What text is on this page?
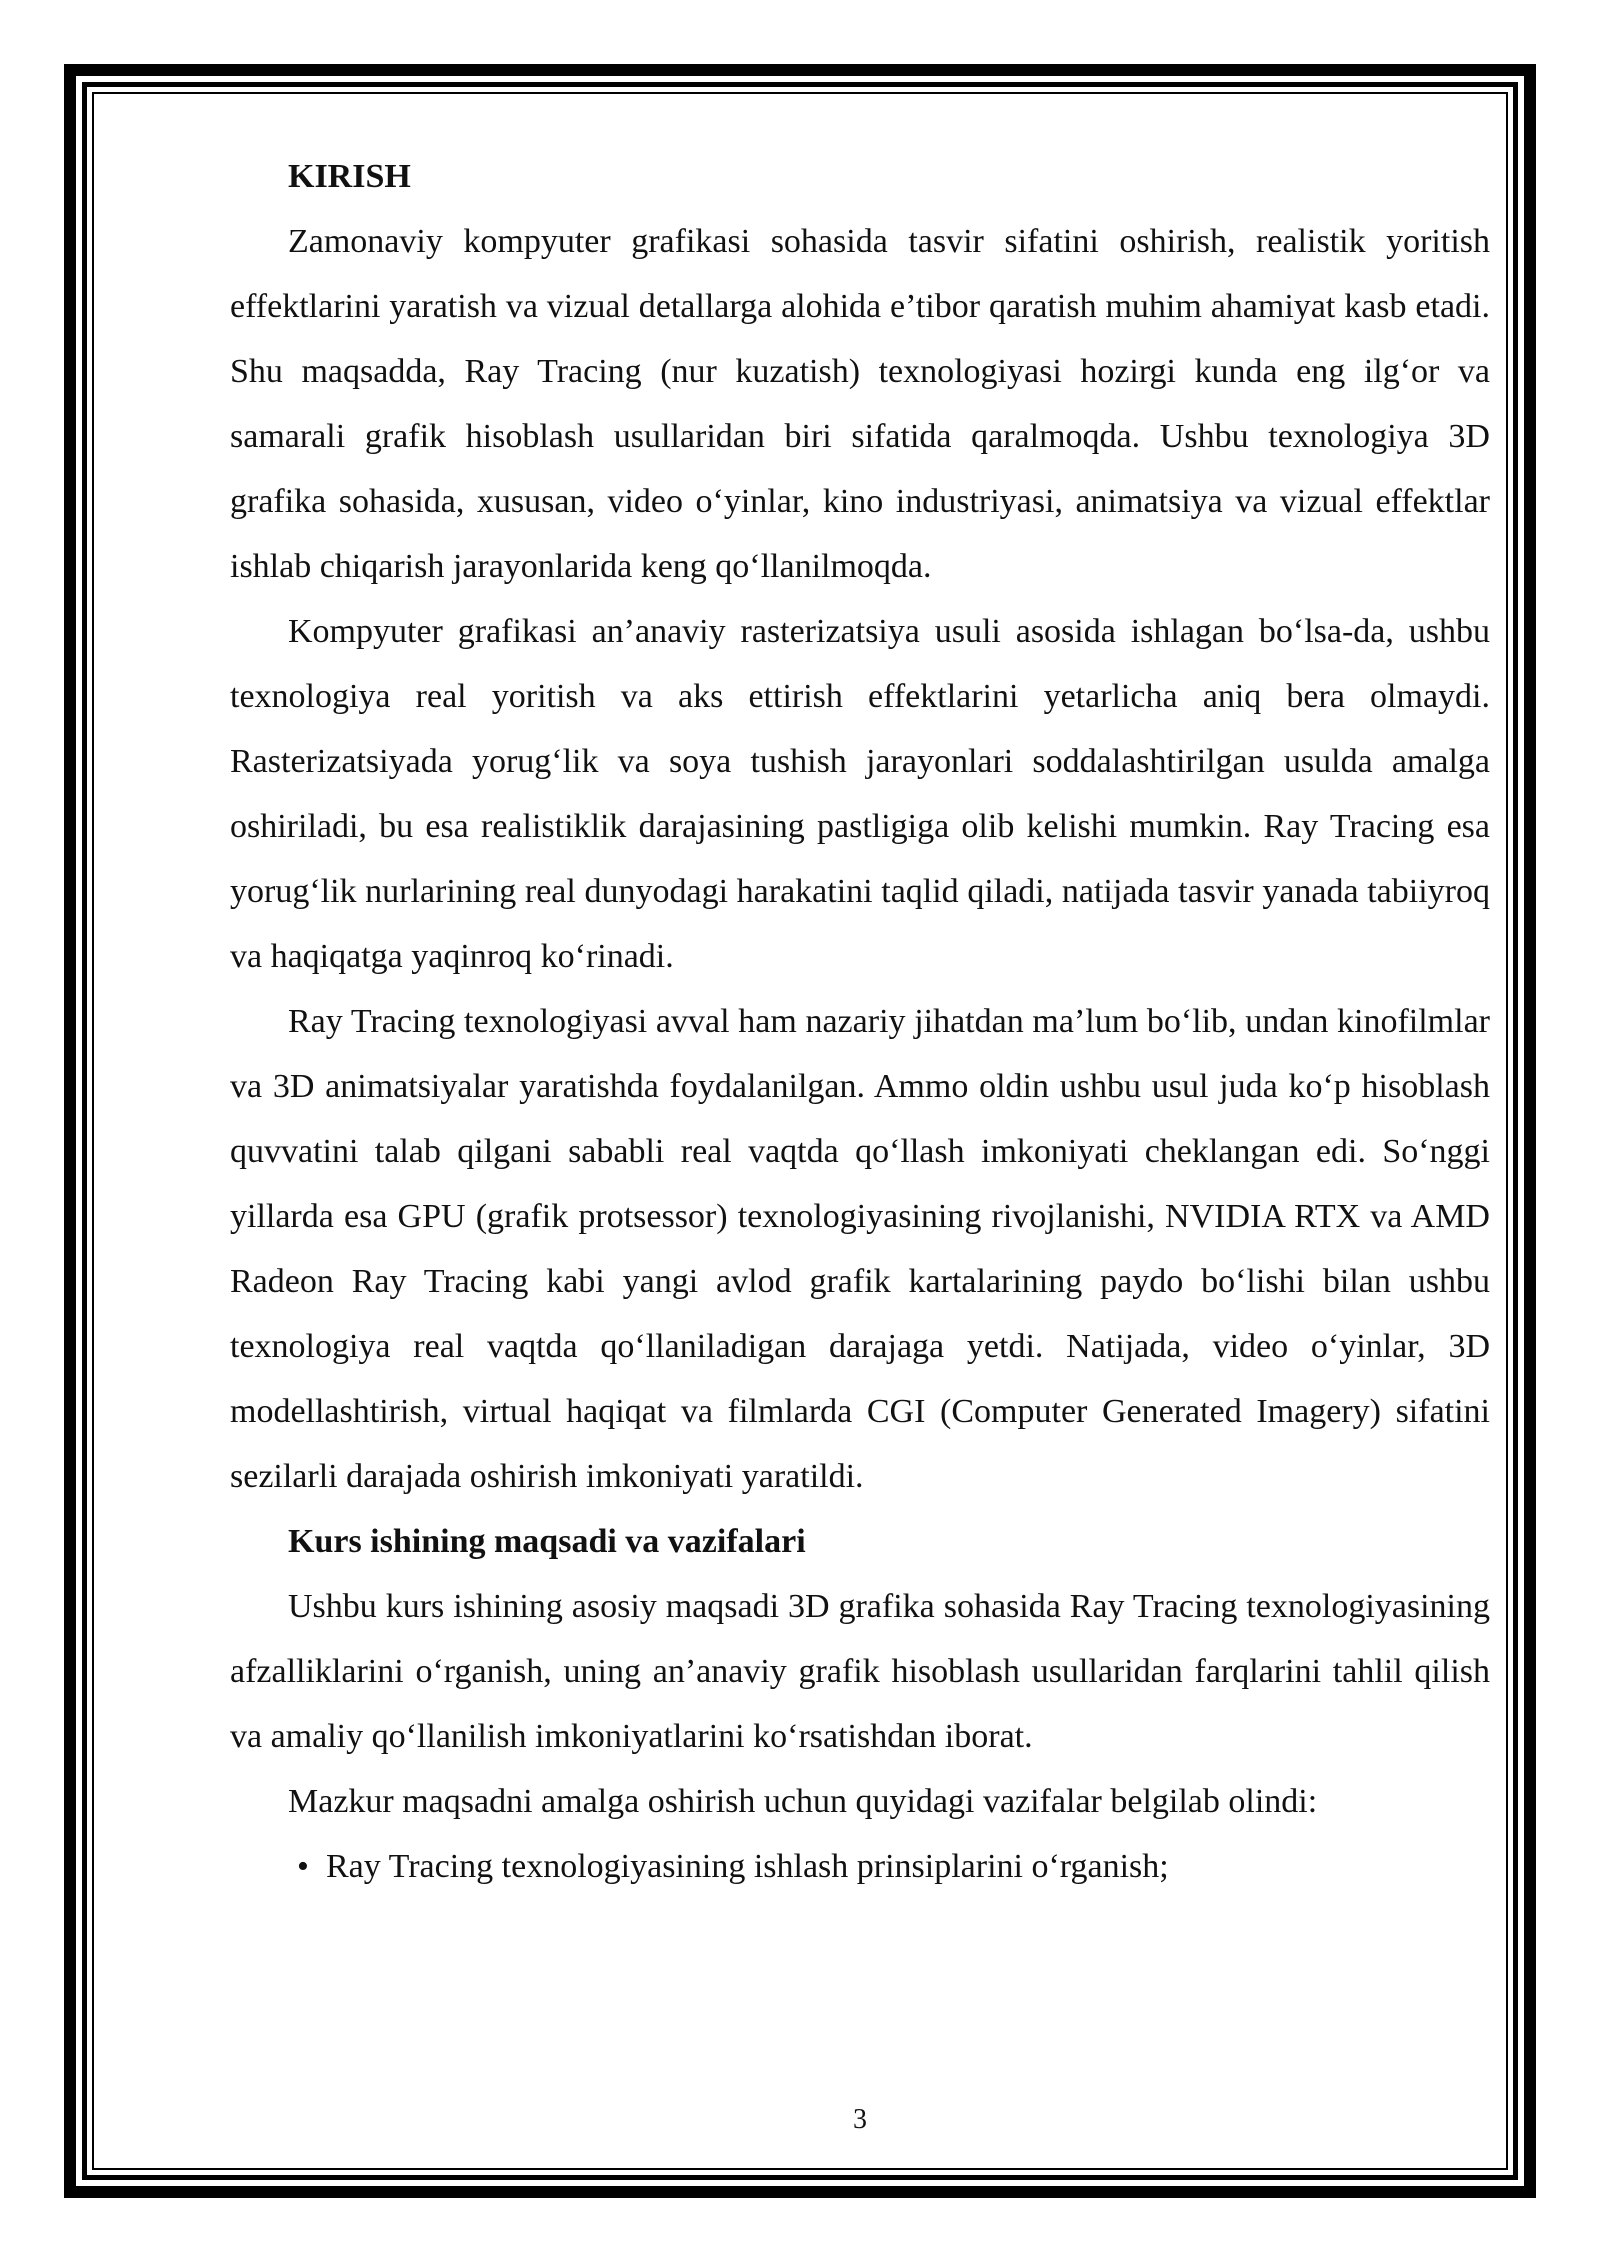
KIRISH

Zamonaviy kompyuter grafikasi sohasida tasvir sifatini oshirish, realistik yoritish effektlarini yaratish va vizual detallarga alohida e’tibor qaratish muhim ahamiyat kasb etadi. Shu maqsadda, Ray Tracing (nur kuzatish) texnologiyasi hozirgi kunda eng ilg‘or va samarali grafik hisoblash usullaridan biri sifatida qaralmoqda. Ushbu texnologiya 3D grafika sohasida, xususan, video o‘yinlar, kino industriyasi, animatsiya va vizual effektlar ishlab chiqarish jarayonlarida keng qo‘llanilmoqda.

Kompyuter grafikasi an’anaviy rasterizatsiya usuli asosida ishlagan bo‘lsa-da, ushbu texnologiya real yoritish va aks ettirish effektlarini yetarlicha aniq bera olmaydi. Rasterizatsiyada yorug‘lik va soya tushish jarayonlari soddalashtirilgan usulda amalga oshiriladi, bu esa realistiklik darajasining pastligiga olib kelishi mumkin. Ray Tracing esa yorug‘lik nurlarining real dunyodagi harakatini taqlid qiladi, natijada tasvir yanada tabiiyroq va haqiqatga yaqinroq ko‘rinadi.

Ray Tracing texnologiyasi avval ham nazariy jihatdan ma’lum bo‘lib, undan kinofilmlar va 3D animatsiyalar yaratishda foydalanilgan. Ammo oldin ushbu usul juda ko‘p hisoblash quvvatini talab qilgani sababli real vaqtda qo‘llash imkoniyati cheklangan edi. So‘nggi yillarda esa GPU (grafik protsessor) texnologiyasining rivojlanishi, NVIDIA RTX va AMD Radeon Ray Tracing kabi yangi avlod grafik kartalarining paydo bo‘lishi bilan ushbu texnologiya real vaqtda qo‘llaniladigan darajaga yetdi. Natijada, video o‘yinlar, 3D modellashtirish, virtual haqiqat va filmlarda CGI (Computer Generated Imagery) sifatini sezilarli darajada oshirish imkoniyati yaratildi.

Kurs ishining maqsadi va vazifalari

Ushbu kurs ishining asosiy maqsadi 3D grafika sohasida Ray Tracing texnologiyasining afzalliklarini o‘rganish, uning an’anaviy grafik hisoblash usullaridan farqlarini tahlil qilish va amaliy qo‘llanilish imkoniyatlarini ko‘rsatishdan iborat.

Mazkur maqsadni amalga oshirish uchun quyidagi vazifalar belgilab olindi:

• Ray Tracing texnologiyasining ishlash prinsiplarini o‘rganish;
3
